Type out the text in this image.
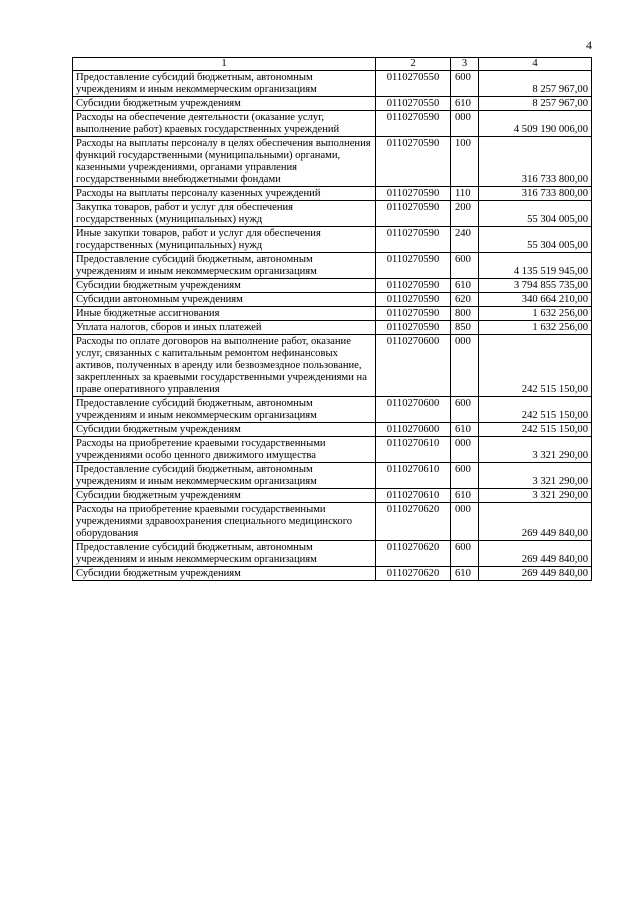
4
1	2	3	4
Предоставление субсидий бюджетным, автономным учреждениям и иным некоммерческим организациям	0110270550	600	8 257 967,00
Субсидии бюджетным учреждениям	0110270550	610	8 257 967,00
Расходы на обеспечение деятельности (оказание услуг, выполнение работ) краевых государственных учреждений	0110270590	000	4 509 190 006,00
Расходы на выплаты персоналу в целях обеспечения выполнения функций государственными (муниципальными) органами, казенными учреждениями, органами управления государственными внебюджетными фондами	0110270590	100	316 733 800,00
Расходы на выплаты персоналу казенных учреждений	0110270590	110	316 733 800,00
Закупка товаров, работ и услуг для обеспечения государственных (муниципальных) нужд	0110270590	200	55 304 005,00
Иные закупки товаров, работ и услуг для обеспечения государственных (муниципальных) нужд	0110270590	240	55 304 005,00
Предоставление субсидий бюджетным, автономным учреждениям и иным некоммерческим организациям	0110270590	600	4 135 519 945,00
Субсидии бюджетным учреждениям	0110270590	610	3 794 855 735,00
Субсидии автономным учреждениям	0110270590	620	340 664 210,00
Иные бюджетные ассигнования	0110270590	800	1 632 256,00
Уплата налогов, сборов и иных платежей	0110270590	850	1 632 256,00
Расходы по оплате договоров на выполнение работ, оказание услуг, связанных с капитальным ремонтом нефинансовых активов, полученных в аренду или безвозмездное пользование, закрепленных за краевыми государственными учреждениями на праве оперативного управления	0110270600	000	242 515 150,00
Предоставление субсидий бюджетным, автономным учреждениям и иным некоммерческим организациям	0110270600	600	242 515 150,00
Субсидии бюджетным учреждениям	0110270600	610	242 515 150,00
Расходы на приобретение краевыми государственными учреждениями особо ценного движимого имущества	0110270610	000	3 321 290,00
Предоставление субсидий бюджетным, автономным учреждениям и иным некоммерческим организациям	0110270610	600	3 321 290,00
Субсидии бюджетным учреждениям	0110270610	610	3 321 290,00
Расходы на приобретение краевыми государственными учреждениями здравоохранения специального медицинского оборудования	0110270620	000	269 449 840,00
Предоставление субсидий бюджетным, автономным учреждениям и иным некоммерческим организациям	0110270620	600	269 449 840,00
Субсидии бюджетным учреждениям	0110270620	610	269 449 840,00
